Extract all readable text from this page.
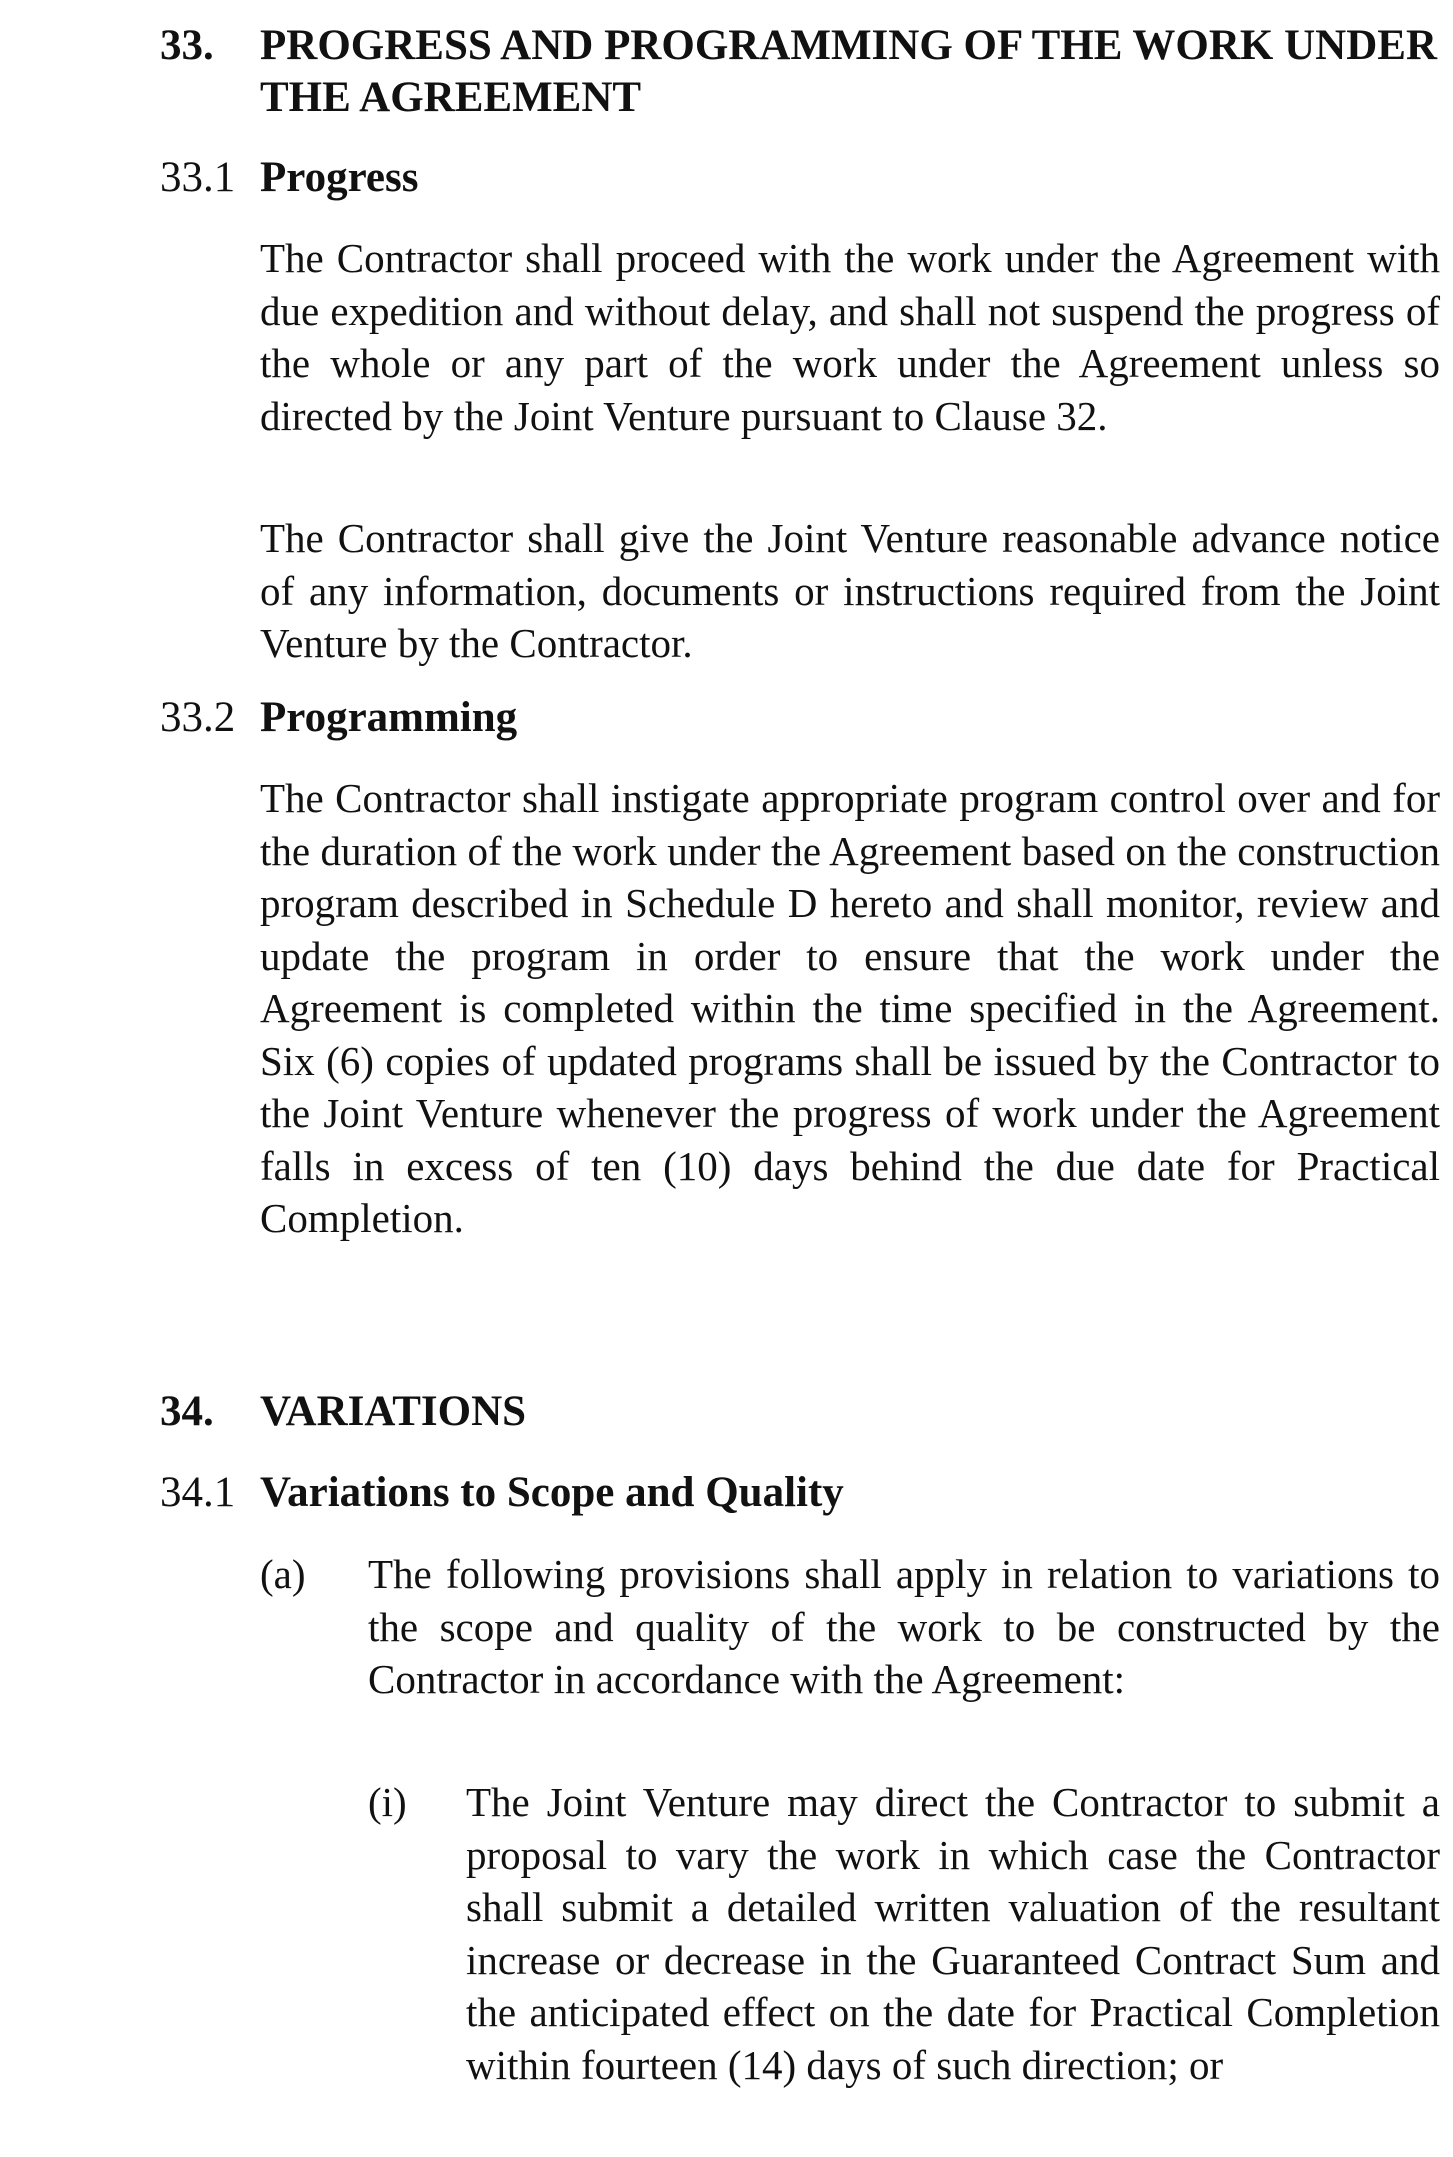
33. PROGRESS AND PROGRAMMING OF THE WORK UNDER THE AGREEMENT
33.1 Progress
The Contractor shall proceed with the work under the Agreement with due expedition and without delay, and shall not suspend the progress of the whole or any part of the work under the Agreement unless so directed by the Joint Venture pursuant to Clause 32.
The Contractor shall give the Joint Venture reasonable advance notice of any information, documents or instructions required from the Joint Venture by the Contractor.
33.2 Programming
The Contractor shall instigate appropriate program control over and for the duration of the work under the Agreement based on the construction program described in Schedule D hereto and shall monitor, review and update the program in order to ensure that the work under the Agreement is completed within the time specified in the Agreement. Six (6) copies of updated programs shall be issued by the Contractor to the Joint Venture whenever the progress of work under the Agreement falls in excess of ten (10) days behind the due date for Practical Completion.
34. VARIATIONS
34.1 Variations to Scope and Quality
(a) The following provisions shall apply in relation to variations to the scope and quality of the work to be constructed by the Contractor in accordance with the Agreement:
(i) The Joint Venture may direct the Contractor to submit a proposal to vary the work in which case the Contractor shall submit a detailed written valuation of the resultant increase or decrease in the Guaranteed Contract Sum and the anticipated effect on the date for Practical Completion within fourteen (14) days of such direction; or
